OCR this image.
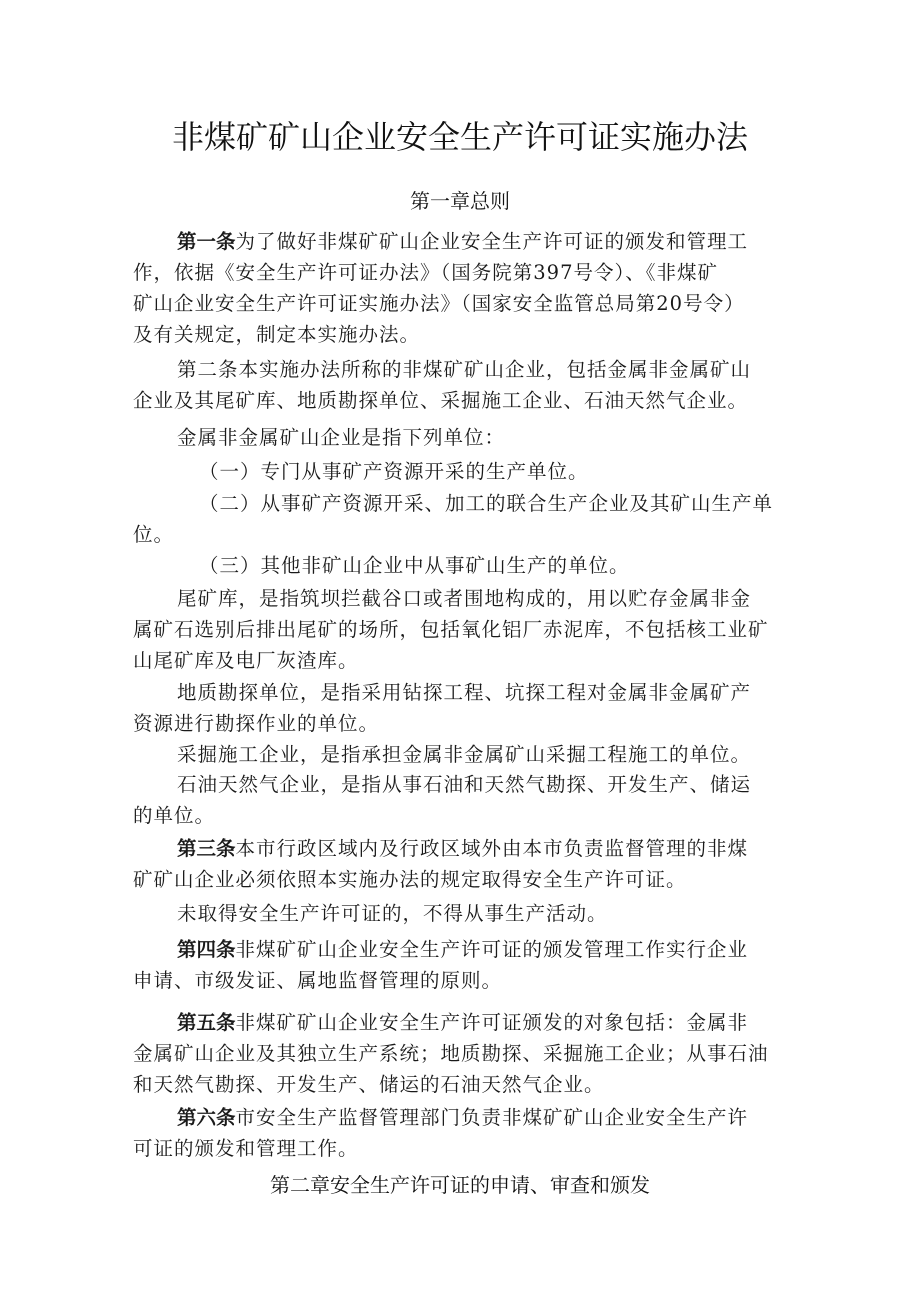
非煤矿矿山企业安全生产许可证实施办法
第一章总则
第一条为了做好非煤矿矿山企业安全生产许可证的颁发和管理工
作，依据《安全生产许可证办法》（国务院第397号令）、《非煤矿
矿山企业安全生产许可证实施办法》（国家安全监管总局第20号令）
及有关规定，制定本实施办法。
第二条本实施办法所称的非煤矿矿山企业，包括金属非金属矿山
企业及其尾矿库、地质勘探单位、采掘施工企业、石油天然气企业。
金属非金属矿山企业是指下列单位：
（一）专门从事矿产资源开采的生产单位。
（二）从事矿产资源开采、加工的联合生产企业及其矿山生产单
位。
（三）其他非矿山企业中从事矿山生产的单位。
尾矿库，是指筑坝拦截谷口或者围地构成的，用以贮存金属非金
属矿石选别后排出尾矿的场所，包括氧化铝厂赤泥库，不包括核工业矿
山尾矿库及电厂灰渣库。
地质勘探单位，是指采用钻探工程、坑探工程对金属非金属矿产
资源进行勘探作业的单位。
采掘施工企业，是指承担金属非金属矿山采掘工程施工的单位。
石油天然气企业，是指从事石油和天然气勘探、开发生产、储运
的单位。
第三条本市行政区域内及行政区域外由本市负责监督管理的非煤
矿矿山企业必须依照本实施办法的规定取得安全生产许可证。
未取得安全生产许可证的，不得从事生产活动。
第四条非煤矿矿山企业安全生产许可证的颁发管理工作实行企业
申请、市级发证、属地监督管理的原则。
第五条非煤矿矿山企业安全生产许可证颁发的对象包括：金属非
金属矿山企业及其独立生产系统；地质勘探、采掘施工企业；从事石油
和天然气勘探、开发生产、储运的石油天然气企业。
第六条市安全生产监督管理部门负责非煤矿矿山企业安全生产许
可证的颁发和管理工作。
第二章安全生产许可证的申请、审查和颁发
